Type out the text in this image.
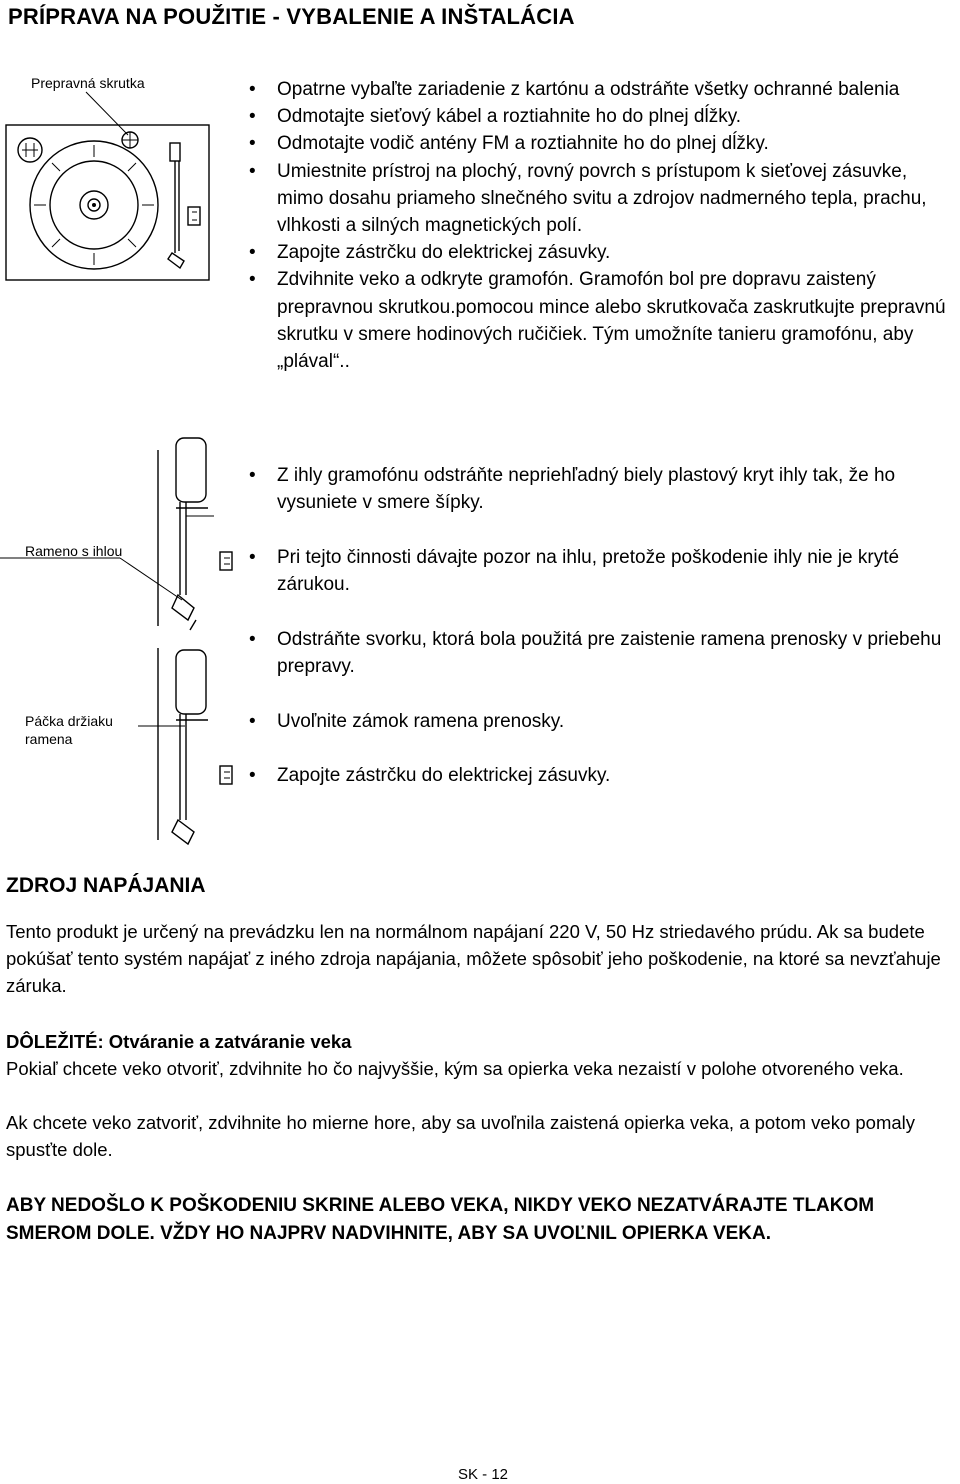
PRÍPRAVA NA POUŽITIE - VYBALENIE A INŠTALÁCIA
Prepravná skrutka
•	Opatrne vybaľte zariadenie z kartónu a odstráňte všetky ochranné balenia
• Odmotajte sieťový kábel a roztiahnite ho do plnej dĺžky.
• Odmotajte vodič antény FM a roztiahnite ho do plnej dĺžky.
• Umiestnite prístroj na plochý, rovný povrch s prístupom k sieťovej zásuvke, mimo dosahu priameho slnečného svitu a zdrojov nadmerného tepla, prachu, vlhkosti a silných magnetických polí.
• Zapojte zástrčku do elektrickej zásuvky.
• Zdvihnite veko a odkryte gramofón. Gramofón bol pre dopravu zaistený prepravnou skrutkou.pomocou mince alebo skrutkovača zaskrutkujte prepravnú skrutku v smere hodinových ručičiek. Tým umožníte tanieru gramofónu, aby „plával“..
Rameno s ihlou
Páčka držiaku
ramena
• Z ihly gramofónu odstráňte nepriehľadný biely plastový kryt ihly tak, že ho vysuniete v smere šípky.
• Pri tejto činnosti dávajte pozor na ihlu, pretože poškodenie ihly nie je kryté zárukou.
• Odstráňte svorku, ktorá bola použitá pre zaistenie ramena prenosky v priebehu prepravy.
• Uvoľnite zámok ramena prenosky.
• Zapojte zástrčku do elektrickej zásuvky.
ZDROJ NAPÁJANIA
Tento produkt je určený na prevádzku len na normálnom napájaní 220 V, 50 Hz striedavého prúdu. Ak sa budete pokúšať tento systém napájať z iného zdroja napájania, môžete spôsobiť jeho poškodenie, na ktoré sa nevzťahuje záruka.
DÔLEŽITÉ: Otváranie a zatváranie veka
Pokiaľ chcete veko otvoriť, zdvihnite ho čo najvyššie, kým sa opierka veka nezaistí v polohe otvoreného veka.
Ak chcete veko zatvoriť, zdvihnite ho mierne hore, aby sa uvoľnila zaistená opierka veka, a potom veko pomaly spusťte dole.
ABY NEDOŠLO K POŠKODENIU SKRINE ALEBO VEKA, NIKDY VEKO NEZATVÁRAJTE TLAKOM SMEROM DOLE. VŽDY HO NAJPRV NADVIHNITE, ABY SA UVOĽNIL OPIERKA VEKA.
SK - 12
